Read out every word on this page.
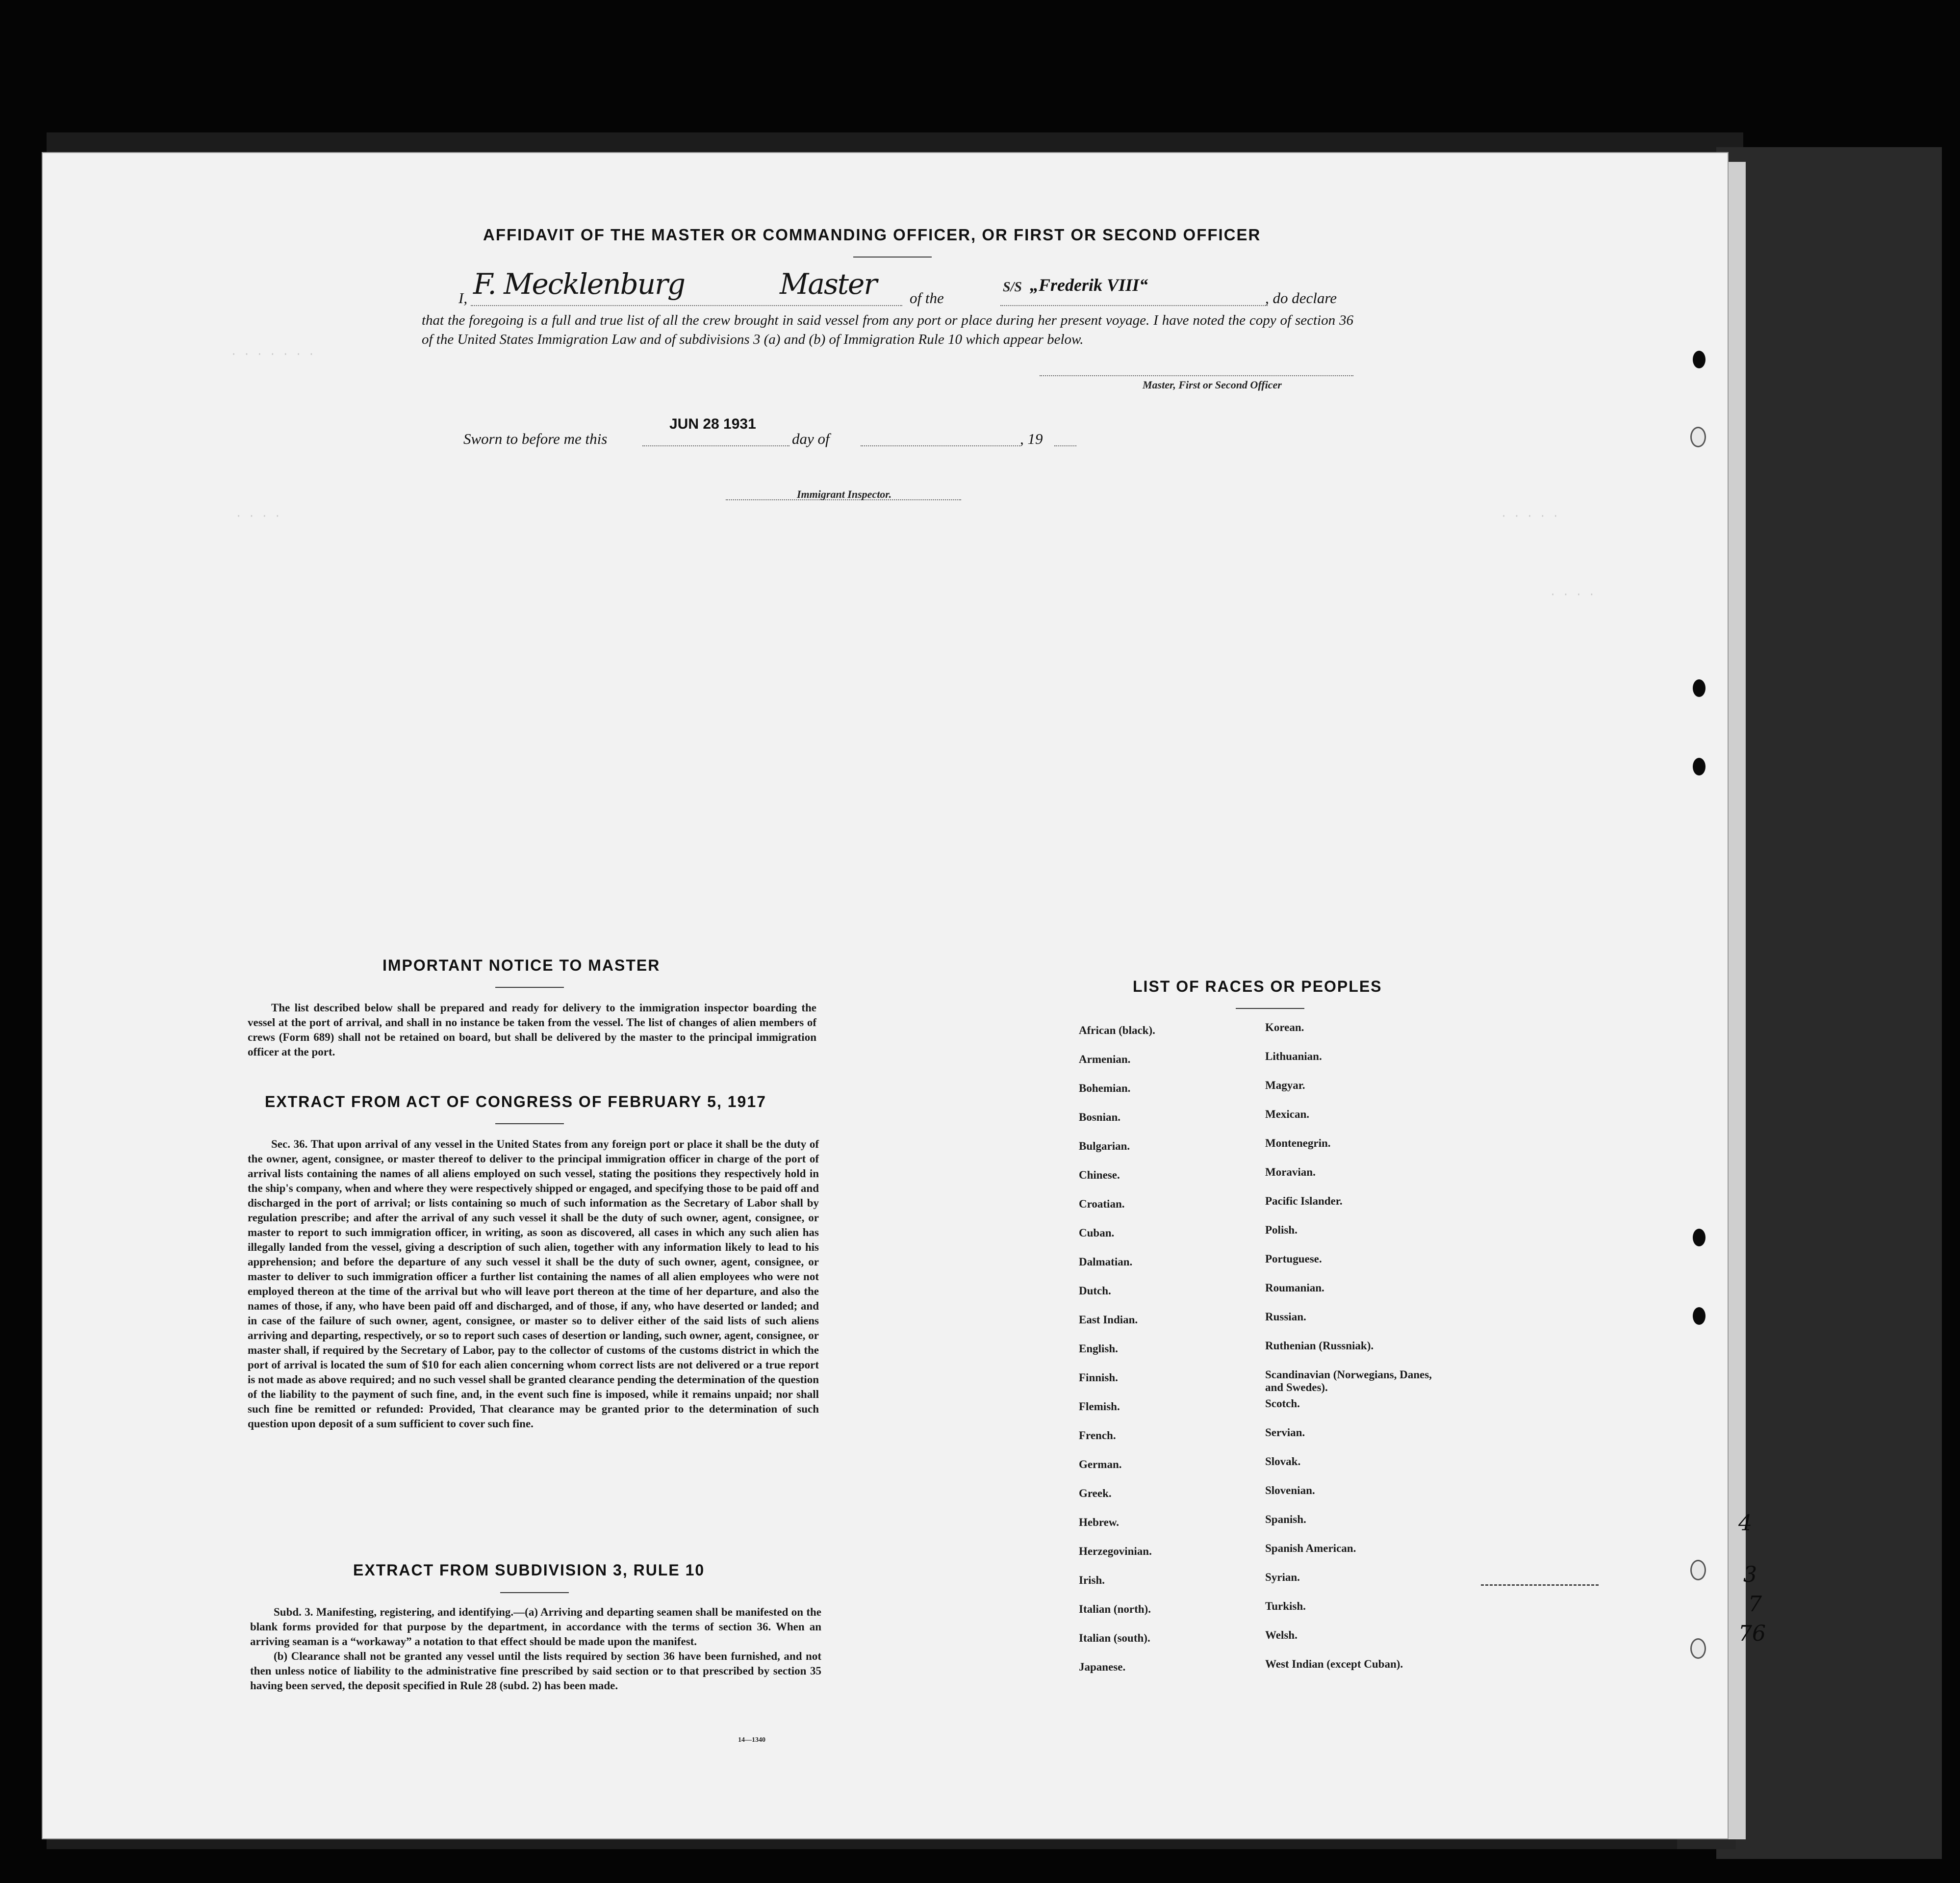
· · · · · · ·
· · · ·	· · · · ·
· · · ·
4
3
7
76
AFFIDAVIT OF THE MASTER OR COMMANDING OFFICER, OR FIRST OR SECOND OFFICER
I, F. Mecklenburg	Master of the
S/S „Frederik VIII“
, do declare
that the foregoing is a full and true list of all the crew brought in said vessel from any port or place during her present voyage. I have noted the copy of section 36 of the United States Immigration Law and of subdivisions 3 (a) and (b) of Immigration Rule 10 which appear below.
Master, First or Second Officer
Sworn to before me this
JUN 28 1931
day of	, 19
Immigrant Inspector.
IMPORTANT NOTICE TO MASTER

The list described below shall be prepared and ready for delivery to the immigration inspector boarding the vessel at the port of arrival, and shall in no instance be taken from the vessel. The list of changes of alien members of crews (Form 689) shall not be retained on board, but shall be delivered by the master to the principal immigration officer at the port.

EXTRACT FROM ACT OF CONGRESS OF FEBRUARY 5, 1917

Sec. 36. That upon arrival of any vessel in the United States from any foreign port or place it shall be the duty of the owner, agent, consignee, or master thereof to deliver to the principal immigration officer in charge of the port of arrival lists containing the names of all aliens employed on such vessel, stating the positions they respectively hold in the ship's company, when and where they were respectively shipped or engaged, and specifying those to be paid off and discharged in the port of arrival; or lists containing so much of such information as the Secretary of Labor shall by regulation prescribe; and after the arrival of any such vessel it shall be the duty of such owner, agent, consignee, or master to report to such immigration officer, in writing, as soon as discovered, all cases in which any such alien has illegally landed from the vessel, giving a description of such alien, together with any information likely to lead to his apprehension; and before the departure of any such vessel it shall be the duty of such owner, agent, consignee, or master to deliver to such immigration officer a further list containing the names of all alien employees who were not employed thereon at the time of the arrival but who will leave port thereon at the time of her departure, and also the names of those, if any, who have been paid off and discharged, and of those, if any, who have deserted or landed; and in case of the failure of such owner, agent, consignee, or master so to deliver either of the said lists of such aliens arriving and departing, respectively, or so to report such cases of desertion or landing, such owner, agent, consignee, or master shall, if required by the Secretary of Labor, pay to the collector of customs of the customs district in which the port of arrival is located the sum of $10 for each alien concerning whom correct lists are not delivered or a true report is not made as above required; and no such vessel shall be granted clearance pending the determination of the question of the liability to the payment of such fine, and, in the event such fine is imposed, while it remains unpaid; nor shall such fine be remitted or refunded: Provided, That clearance may be granted prior to the determination of such question upon deposit of a sum sufficient to cover such fine.

EXTRACT FROM SUBDIVISION 3, RULE 10

Subd. 3. Manifesting, registering, and identifying.—(a) Arriving and departing seamen shall be manifested on the blank forms provided for that purpose by the department, in accordance with the terms of section 36. When an arriving seaman is a “workaway” a notation to that effect should be made upon the manifest.

(b) Clearance shall not be granted any vessel until the lists required by section 36 have been furnished, and not then unless notice of liability to the administrative fine prescribed by said section or to that prescribed by section 35 having been served, the deposit specified in Rule 28 (subd. 2) has been made.

14—1340
LIST OF RACES OR PEOPLES
African (black).
Armenian.
Bohemian.
Bosnian.
Bulgarian.
Chinese.
Croatian.
Cuban.
Dalmatian.
Dutch.
East Indian.
English.
Finnish.
Flemish.
French.
German.
Greek.
Hebrew.
Herzegovinian.
Irish.
Italian (north).
Italian (south).
Japanese.
Korean.
Lithuanian.
Magyar.
Mexican.
Montenegrin.
Moravian.
Pacific Islander.
Polish.
Portuguese.
Roumanian.
Russian.
Ruthenian (Russniak).
Scandinavian (Norwegians, Danes, and Swedes).
Scotch.
Servian.
Slovak.
Slovenian.
Spanish.
Spanish American.
Syrian.
Turkish.
Welsh.
West Indian (except Cuban).
